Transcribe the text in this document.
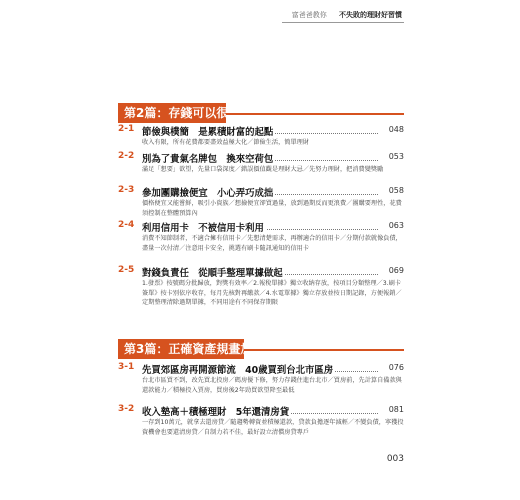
富爸爸教你 不失敗的理財好習慣
第2篇：存錢可以很簡單
2-1 節儉與樸簡　是累積財富的起點	048
收入有限，所有花費都要盡效益極大化／節儉生活，簡單理財
2-2 別為了貴氣名牌包　換來空荷包	053
滿足「想要」欲望，先量口袋深度／錯誤價值觀是理財大忌／先努力理財，把消費變獎勵
2-3 參加團購撿便宜　小心弄巧成拙	058
價格便宜又能嘗鮮，吸引小資族／想撿便宜卻買過量，放到過期反而更浪費／團購要理性，花費須控制在整體預算內
2-4 利用信用卡　不被信用卡利用	063
消費不知節制者，不適合擁有信用卡／先想清楚需求，再辦適合的信用卡／分期付款就像負債，盡量一次付清／注意用卡安全，挑選有刷卡隨訊通知的信用卡
2-5 對錢負責任　從順手整理單據做起	069
1.發票》按號碼分批歸放，對獎有效率／2.報稅單據》獨立收納存放，按項目分類整理／3.刷卡簽單》按卡別依序收存，每月先核對再繳款／4.水電單據》獨立存放並按日期記錄，方便報銷／定期整理清除過期單據，不同用途有不同保存期限
第3篇：正確資產規畫加速達標
3-1 先買郊區房再開源節流　40歲買到台北市區房	076
台北市區買不到，改先買北投房／碼房優下修，努力存錢住進台北市／買房前，先計算自備款與還款能力／積極投入賈房，買房後2年勁買欲望降至最低
3-2 收入墊高＋積極理財　5年還清房貸	081
一存到10萬元，就拿去還房貸／隨趨勢轉資並積極還款，貸款負擔逐年減輕／不變負債，寧獲投資機會也要還清房貸／自制力若不佳，最好設立清償房貸專戶
003
